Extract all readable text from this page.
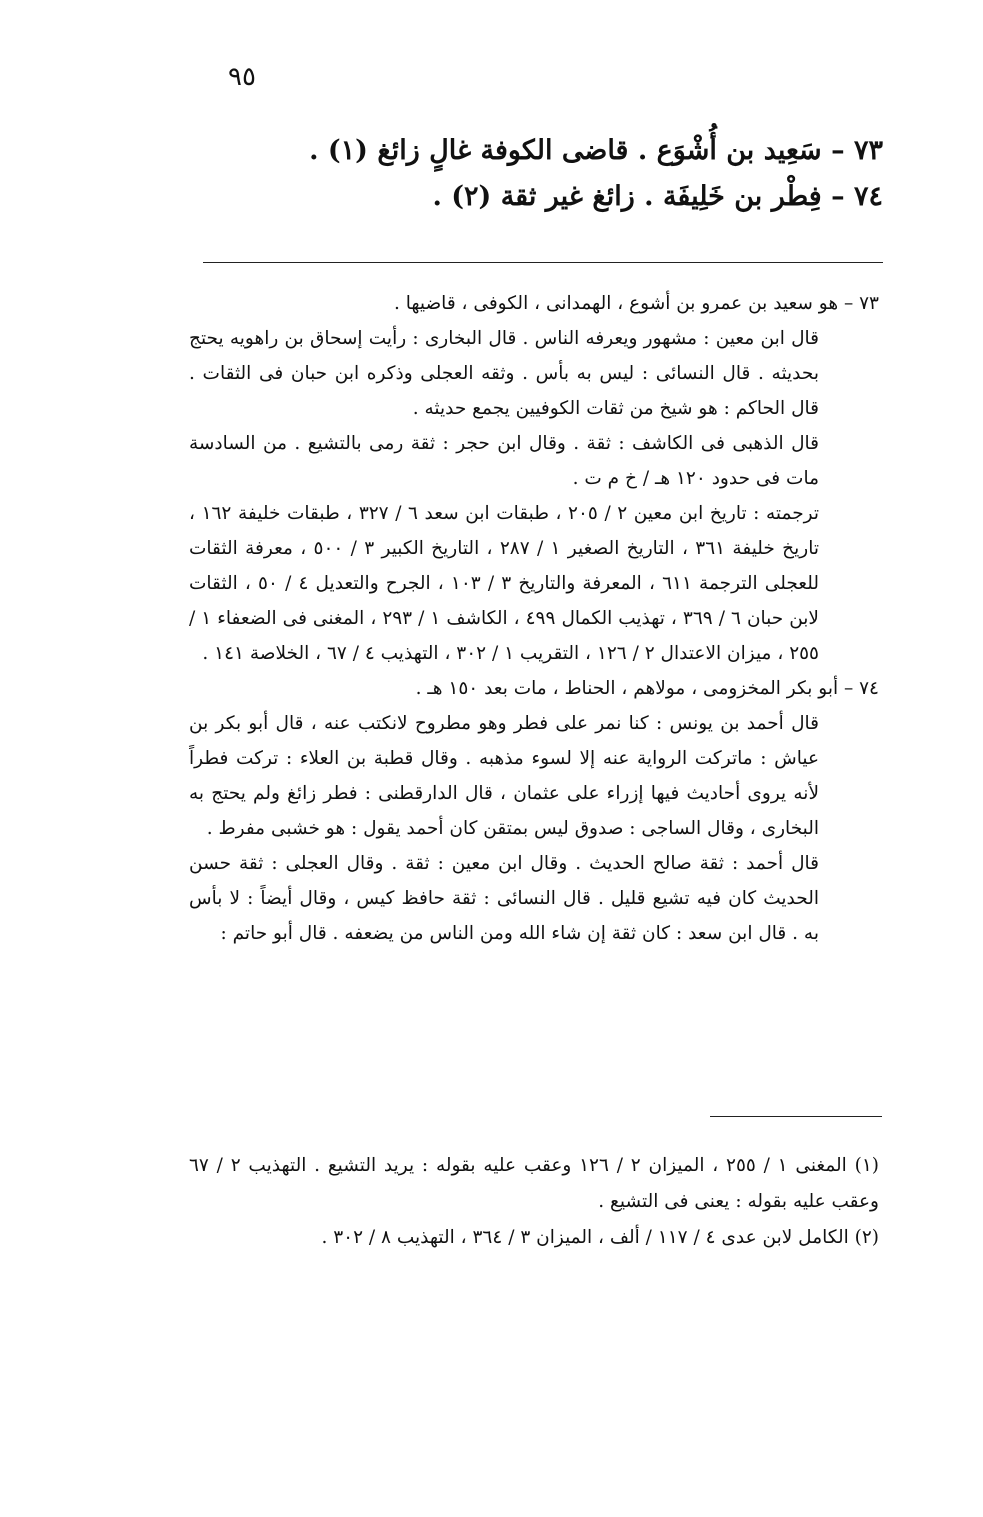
٩٥
٧٣ – سَعِيد بن أُشْوَع . قاضى الكوفة غالٍ زائغ (١) .
٧٤ – فِطْر بن خَلِيفَة . زائغ غير ثقة (٢) .

٧٣ – هو سعيد بن عمرو بن أشوع ، الهمدانى ، الكوفى ، قاضيها .

قال ابن معين : مشهور ويعرفه الناس . قال البخارى : رأيت إسحاق بن راهويه يحتج بحديثه . قال النسائى : ليس به بأس . وثقه العجلى وذكره ابن حبان فى الثقات . قال الحاكم : هو شيخ من ثقات الكوفيين يجمع حديثه .

قال الذهبى فى الكاشف : ثقة . وقال ابن حجر : ثقة رمى بالتشيع . من السادسة مات فى حدود ١٢٠ هـ / خ م ت .

ترجمته : تاريخ ابن معين ٢ / ٢٠٥ ، طبقات ابن سعد ٦ / ٣٢٧ ، طبقات خليفة ١٦٢ ، تاريخ خليفة ٣٦١ ، التاريخ الصغير ١ / ٢٨٧ ، التاريخ الكبير ٣ / ٥٠٠ ، معرفة الثقات للعجلى الترجمة ٦١١ ، المعرفة والتاريخ ٣ / ١٠٣ ، الجرح والتعديل ٤ / ٥٠ ، الثقات لابن حبان ٦ / ٣٦٩ ، تهذيب الكمال ٤٩٩ ، الكاشف ١ / ٢٩٣ ، المغنى فى الضعفاء ١ / ٢٥٥ ، ميزان الاعتدال ٢ / ١٢٦ ، التقريب ١ / ٣٠٢ ، التهذيب ٤ / ٦٧ ، الخلاصة ١٤١ .

٧٤ – أبو بكر المخزومى ، مولاهم ، الحناط ، مات بعد ١٥٠ هـ .

قال أحمد بن يونس : كنا نمر على فطر وهو مطروح لانكتب عنه ، قال أبو بكر بن عياش : ماتركت الرواية عنه إلا لسوء مذهبه . وقال قطبة بن العلاء : تركت فطراً لأنه يروى أحاديث فيها إزراء على عثمان ، قال الدارقطنى : فطر زائغ ولم يحتج به البخارى ، وقال الساجى : صدوق ليس بمتقن كان أحمد يقول : هو خشبى مفرط .

قال أحمد : ثقة صالح الحديث . وقال ابن معين : ثقة . وقال العجلى : ثقة حسن الحديث كان فيه تشيع قليل . قال النسائى : ثقة حافظ كيس ، وقال أيضاً : لا بأس به . قال ابن سعد : كان ثقة إن شاء الله ومن الناس من يضعفه . قال أبو حاتم :

(١) المغنى ١ / ٢٥٥ ، الميزان ٢ / ١٢٦ وعقب عليه بقوله : يريد التشيع . التهذيب ٢ / ٦٧ وعقب عليه بقوله : يعنى فى التشيع .

(٢) الكامل لابن عدى ٤ / ١١٧ / ألف ، الميزان ٣ / ٣٦٤ ، التهذيب ٨ / ٣٠٢ .
